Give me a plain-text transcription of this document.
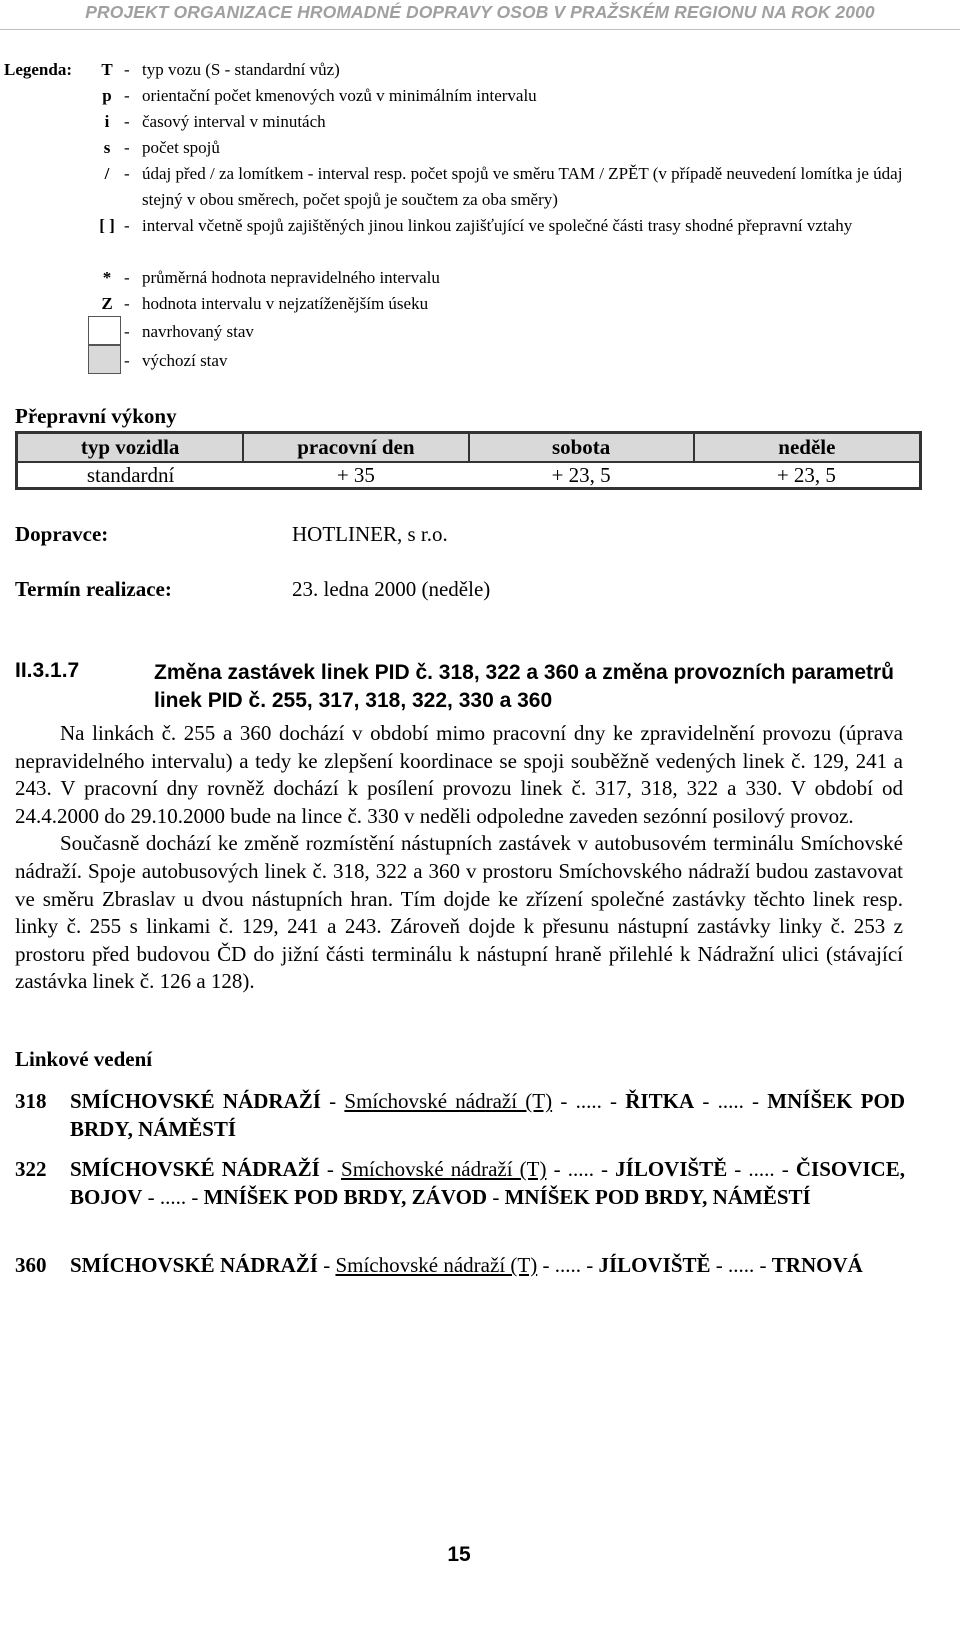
PROJEKT ORGANIZACE HROMADNÉ DOPRAVY OSOB V PRAŽSKÉM REGIONU NA ROK 2000
Legenda:	T - typ vozu (S - standardní vůz)
p - orientační počet kmenových vozů v minimálním intervalu
i - časový interval v minutách
s - počet spojů
/ - údaj před / za lomítkem - interval resp. počet spojů ve směru TAM / ZPĚT (v případě neuvedení lomítka je údaj stejný v obou směrech, počet spojů je součtem za oba směry)
[ ] - interval včetně spojů zajištěných jinou linkou zajišťující ve společné části trasy shodné přepravní vztahy
* - průměrná hodnota nepravidelného intervalu
Z - hodnota intervalu v nejzatíženějším úseku
- navrhovaný stav
- výchozí stav
Přepravní výkony
typ vozidla	pracovní den	sobota	neděle
standardní	+ 35	+ 23, 5	+ 23, 5
Dopravce:	HOTLINER, s r.o.
Termín realizace:	23. ledna 2000 (neděle)
II.3.1.7	Změna zastávek linek PID č. 318, 322 a 360 a změna provozních parametrů linek PID č. 255, 317, 318, 322, 330 a 360

Na linkách č. 255 a 360 dochází v období mimo pracovní dny ke zpravidelnění provozu (úprava nepravidelného intervalu) a tedy ke zlepšení koordinace se spoji souběžně vedených linek č. 129, 241 a 243. V pracovní dny rovněž dochází k posílení provozu linek č. 317, 318, 322 a 330. V období od 24.4.2000 do 29.10.2000 bude na lince č. 330 v neděli odpoledne zaveden sezónní posilový provoz.

Současně dochází ke změně rozmístění nástupních zastávek v autobusovém terminálu Smíchovské nádraží. Spoje autobusových linek č. 318, 322 a 360 v prostoru Smíchovského nádraží budou zastavovat ve směru Zbraslav u dvou nástupních hran. Tím dojde ke zřízení společné zastávky těchto linek resp. linky č. 255 s linkami č. 129, 241 a 243. Zároveň dojde k přesunu nástupní zastávky linky č. 253 z prostoru před budovou ČD do jižní části terminálu k nástupní hraně přilehlé k Nádražní ulici (stávající zastávka linek č. 126 a 128).

Linkové vedení
318 SMÍCHOVSKÉ NÁDRAŽÍ - Smíchovské nádraží (T) - ..... - ŘITKA - ..... - MNÍŠEK POD BRDY, NÁMĚSTÍ
322 SMÍCHOVSKÉ NÁDRAŽÍ - Smíchovské nádraží (T) - ..... - JÍLOVIŠTĚ - ..... - ČISOVICE, BOJOV - ..... - MNÍŠEK POD BRDY, ZÁVOD - MNÍŠEK POD BRDY, NÁMĚSTÍ
360 SMÍCHOVSKÉ NÁDRAŽÍ - Smíchovské nádraží (T) - ..... - JÍLOVIŠTĚ - ..... - TRNOVÁ
15
